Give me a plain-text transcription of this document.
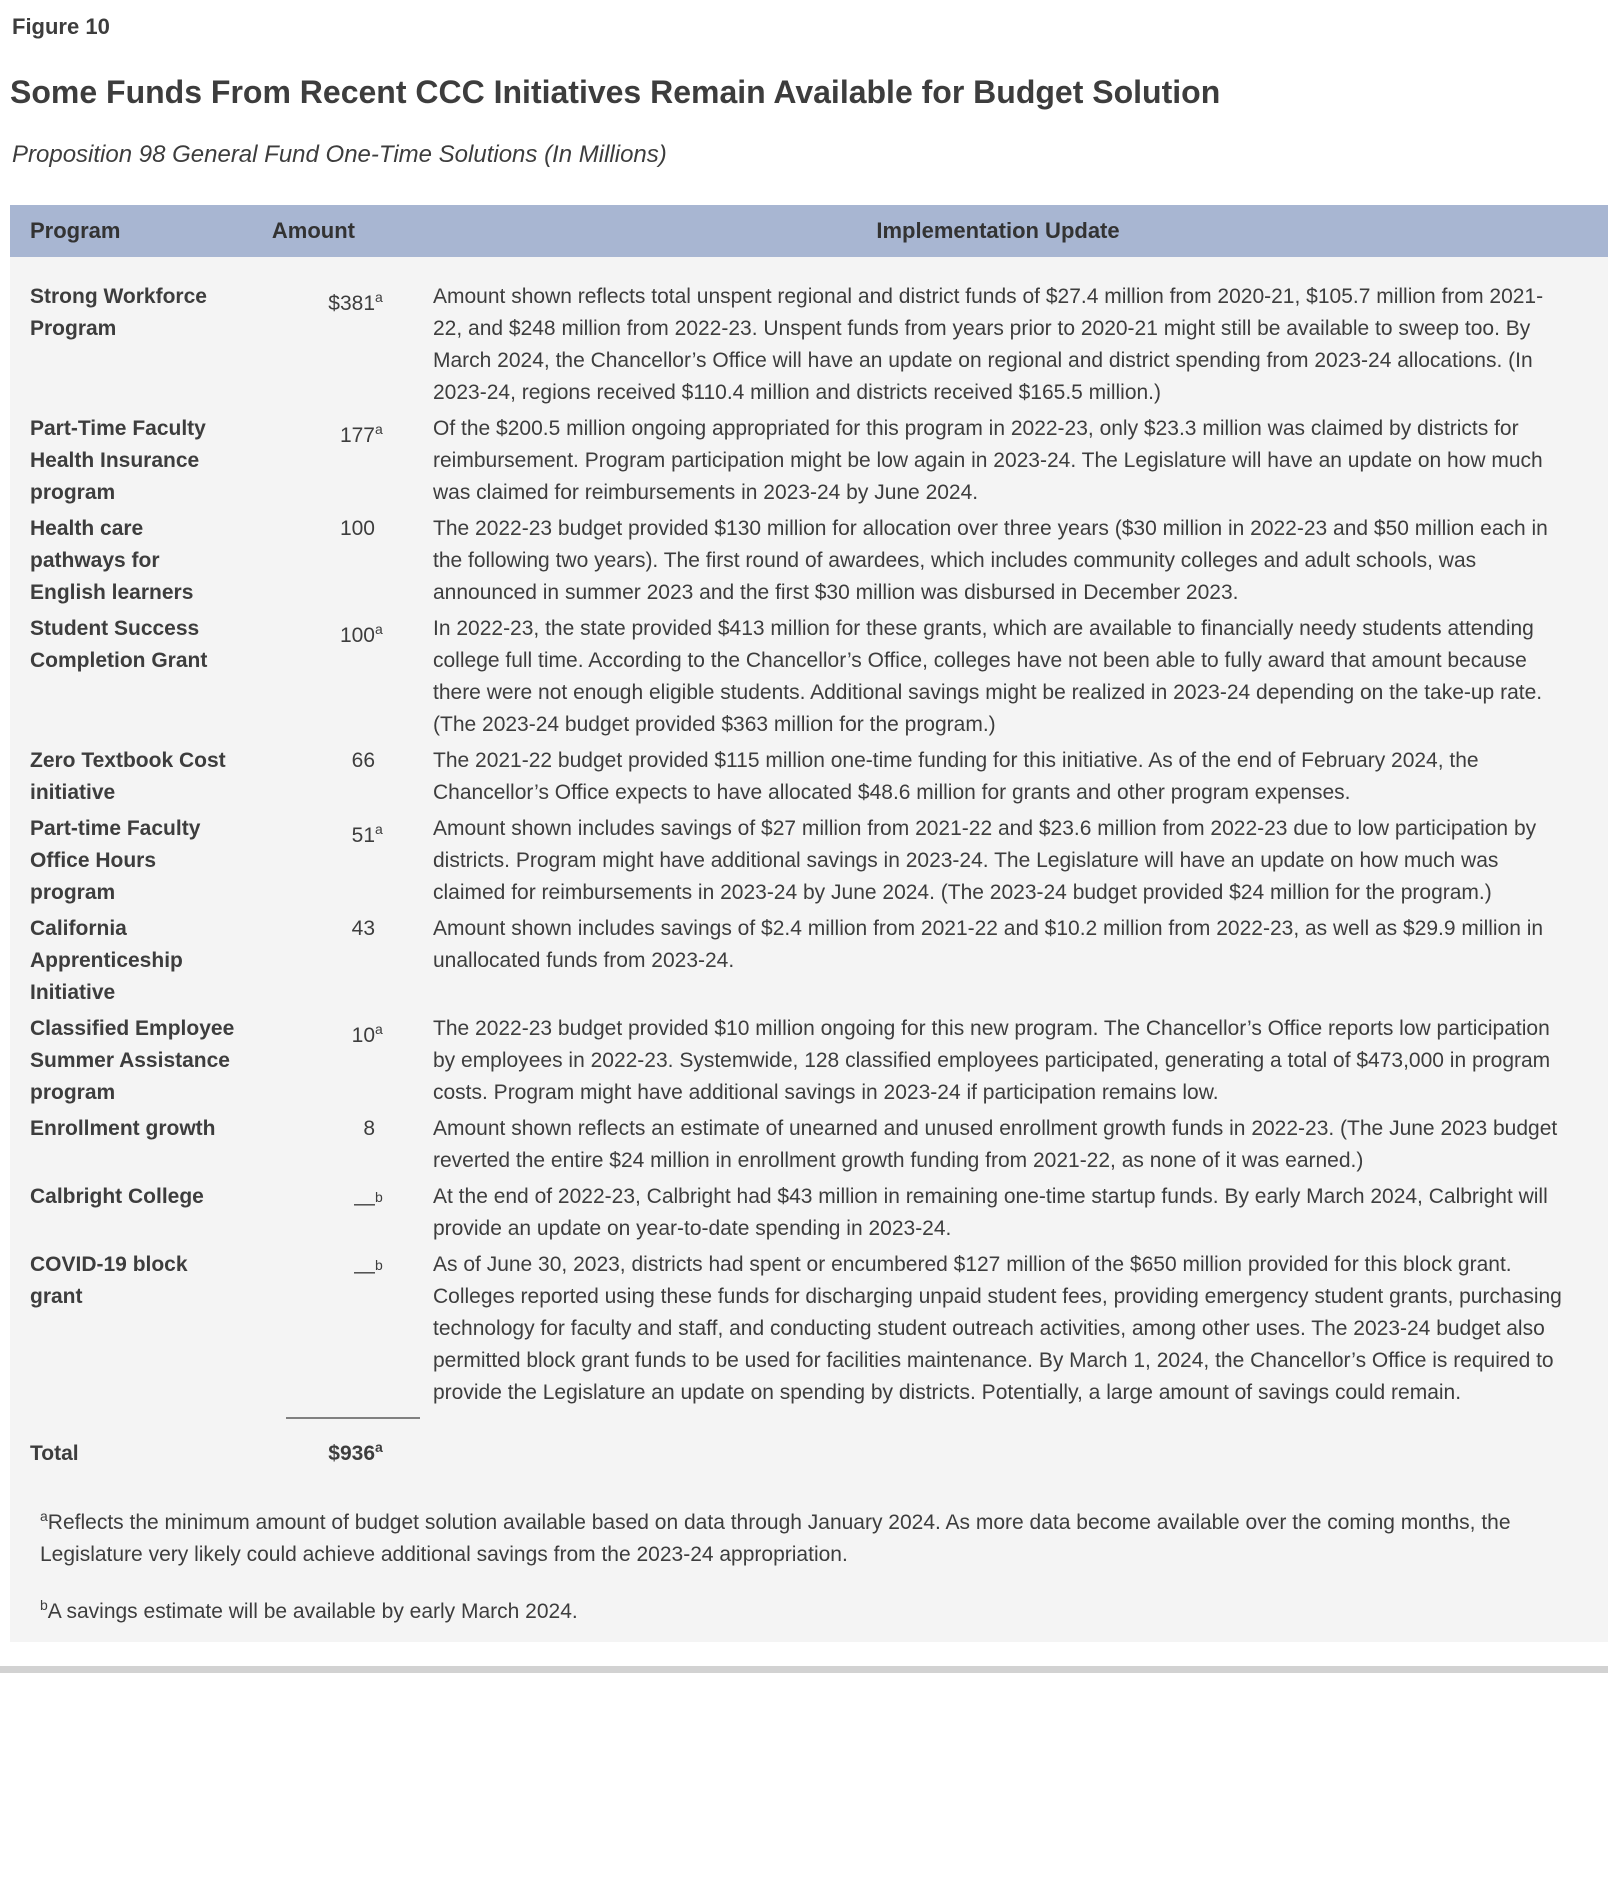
Figure 10
Some Funds From Recent CCC Initiatives Remain Available for Budget Solution
Proposition 98 General Fund One-Time Solutions (In Millions)
Program	Amount	Implementation Update
Strong Workforce Program
$381$^a$	Amount shown reflects total unspent regional and district funds of $27.4 million from 2020-21, $105.7 million from 2021-22, and $248 million from 2022-23. Unspent funds from years prior to 2020-21 might still be available to sweep too. By March 2024, the Chancellor’s Office will have an update on regional and district spending from 2023-24 allocations. (In 2023-24, regions received $110.4 million and districts received $165.5 million.)
Part-Time Faculty Health Insurance program
177$^a$	Of the $200.5 million ongoing appropriated for this program in 2022-23, only $23.3 million was claimed by districts for reimbursement. Program participation might be low again in 2023-24. The Legislature will have an update on how much was claimed for reimbursements in 2023-24 by June 2024.
Health care pathways for English learners
100	The 2022-23 budget provided $130 million for allocation over three years ($30 million in 2022-23 and $50 million each in the following two years). The first round of awardees, which includes community colleges and adult schools, was announced in summer 2023 and the first $30 million was disbursed in December 2023.
Student Success Completion Grant
100$^a$	In 2022-23, the state provided $413 million for these grants, which are available to financially needy students attending college full time. According to the Chancellor’s Office, colleges have not been able to fully award that amount because there were not enough eligible students. Additional savings might be realized in 2023-24 depending on the take-up rate. (The 2023-24 budget provided $363 million for the program.)
Zero Textbook Cost initiative
66	The 2021-22 budget provided $115 million one-time funding for this initiative. As of the end of February 2024, the Chancellor’s Office expects to have allocated $48.6 million for grants and other program expenses.
Part-time Faculty Office Hours program
51$^a$	Amount shown includes savings of $27 million from 2021-22 and $23.6 million from 2022-23 due to low participation by districts. Program might have additional savings in 2023-24. The Legislature will have an update on how much was claimed for reimbursements in 2023-24 by June 2024. (The 2023-24 budget provided $24 million for the program.)
California Apprenticeship Initiative
43	Amount shown includes savings of $2.4 million from 2021-22 and $10.2 million from 2022-23, as well as $29.9 million in unallocated funds from 2023-24.
Classified Employee Summer Assistance program
10$^a$	The 2022-23 budget provided $10 million ongoing for this new program. The Chancellor’s Office reports low participation by employees in 2022-23. Systemwide, 128 classified employees participated, generating a total of $473,000 in program costs. Program might have additional savings in 2023-24 if participation remains low.
Enrollment growth	8	Amount shown reflects an estimate of unearned and unused enrollment growth funds in 2022-23. (The June 2023 budget reverted the entire $24 million in enrollment growth funding from 2021-22, as none of it was earned.)
Calbright College	—$^b$	At the end of 2022-23, Calbright had $43 million in remaining one-time startup funds. By early March 2024, Calbright will provide an update on year-to-date spending in 2023-24.
COVID-19 block grant
—$^b$	As of June 30, 2023, districts had spent or encumbered $127 million of the $650 million provided for this block grant. Colleges reported using these funds for discharging unpaid student fees, providing emergency student grants, purchasing technology for faculty and staff, and conducting student outreach activities, among other uses. The 2023-24 budget also permitted block grant funds to be used for facilities maintenance. By March 1, 2024, the Chancellor’s Office is required to provide the Legislature an update on spending by districts. Potentially, a large amount of savings could remain.
Total	$936$^a$

$^a$Reflects the minimum amount of budget solution available based on data through January 2024. As more data become available over the coming months, the Legislature very likely could achieve additional savings from the 2023-24 appropriation.

$^b$A savings estimate will be available by early March 2024.
